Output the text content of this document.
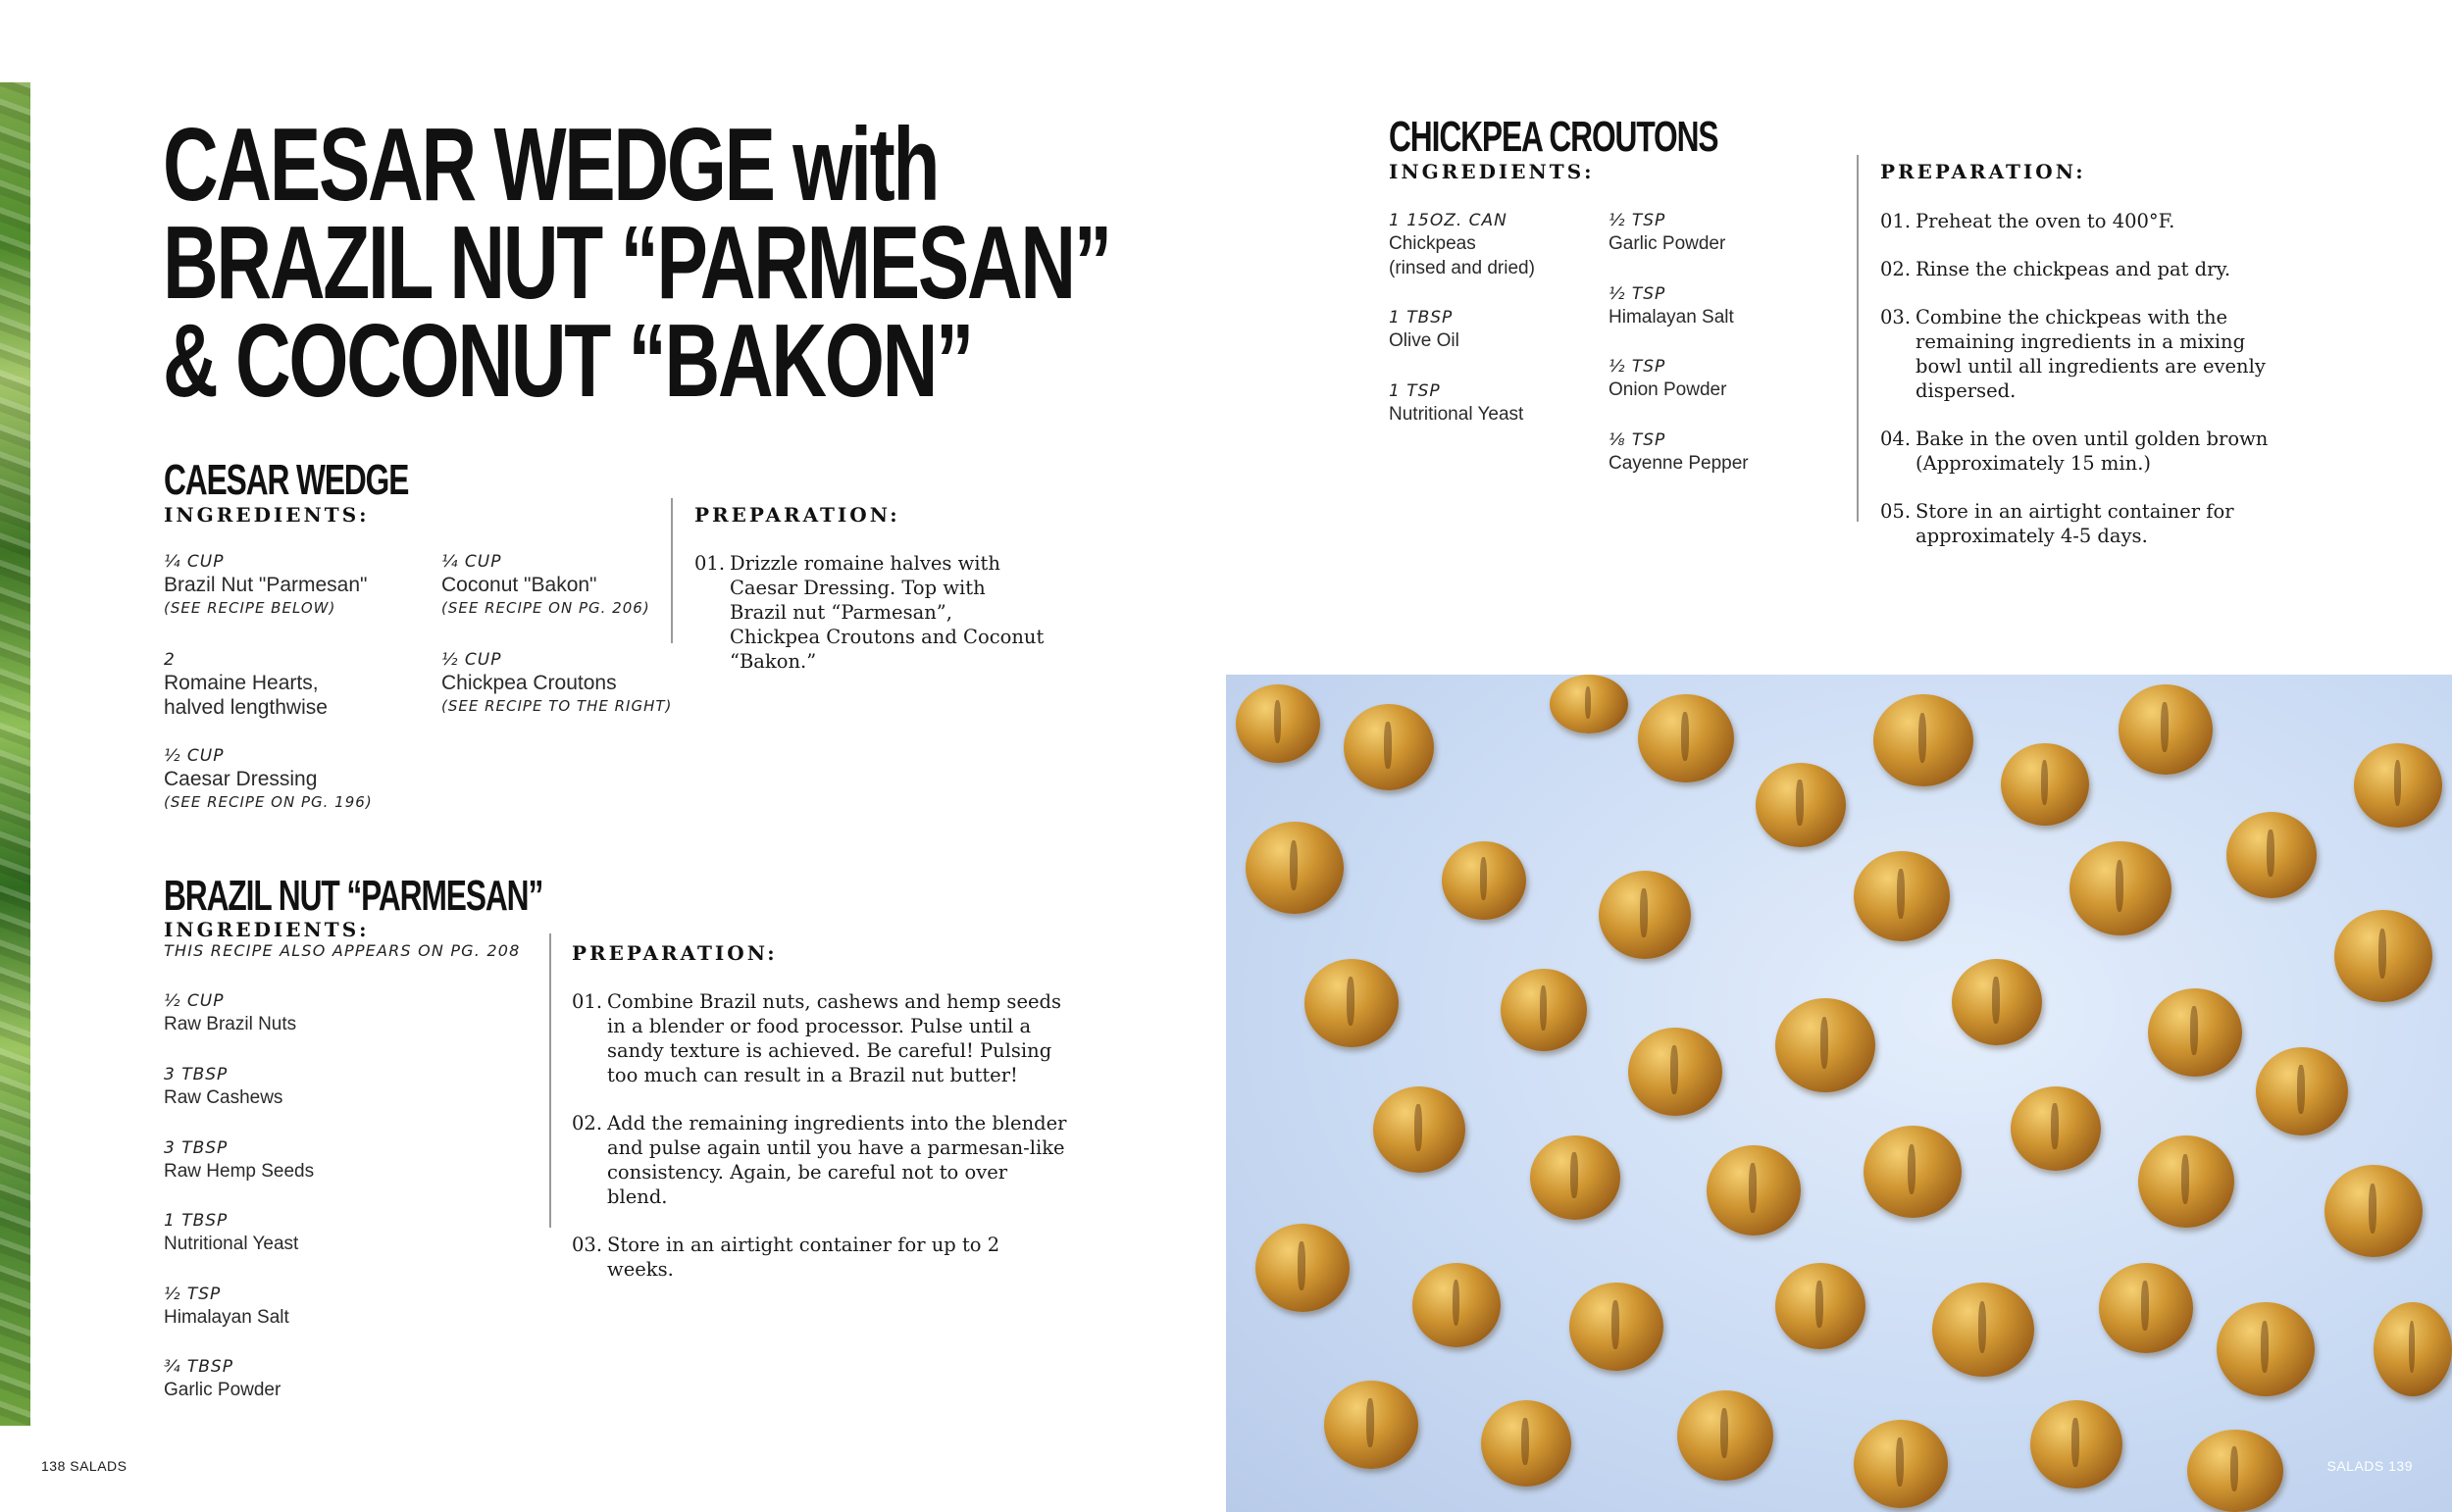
CAESAR WEDGE with
BRAZIL NUT “PARMESAN”
& COCONUT “BAKON”
CAESAR WEDGE
INGREDIENTS:
¼ CUP
Brazil Nut "Parmesan"
(SEE RECIPE BELOW)
2
Romaine Hearts,
halved lengthwise
½ CUP
Caesar Dressing
(SEE RECIPE ON PG. 196)
¼ CUP
Coconut "Bakon"
(SEE RECIPE ON PG. 206)
½ CUP
Chickpea Croutons
(SEE RECIPE TO THE RIGHT)
PREPARATION:
01. Drizzle romaine halves with Caesar Dressing. Top with Brazil nut “Parmesan”, Chickpea Croutons and Coconut “Bakon.”
BRAZIL NUT “PARMESAN”
INGREDIENTS:
THIS RECIPE ALSO APPEARS ON PG. 208
½ CUP
Raw Brazil Nuts
3 TBSP
Raw Cashews
3 TBSP
Raw Hemp Seeds
1 TBSP
Nutritional Yeast
½ TSP
Himalayan Salt
¾ TBSP
Garlic Powder
PREPARATION:
01. Combine Brazil nuts, cashews and hemp seeds in a blender or food processor. Pulse until a sandy texture is achieved. Be careful! Pulsing too much can result in a Brazil nut butter!
02. Add the remaining ingredients into the blender and pulse again until you have a parmesan-like consistency. Again, be careful not to over blend.
03. Store in an airtight container for up to 2 weeks.
CHICKPEA CROUTONS
INGREDIENTS:
1 15OZ. CAN
Chickpeas
(rinsed and dried)
1 TBSP
Olive Oil
1 TSP
Nutritional Yeast
½ TSP
Garlic Powder
½ TSP
Himalayan Salt
½ TSP
Onion Powder
⅛ TSP
Cayenne Pepper
PREPARATION:
01. Preheat the oven to 400°F.
02. Rinse the chickpeas and pat dry.
03. Combine the chickpeas with the remaining ingredients in a mixing bowl until all ingredients are evenly dispersed.
04. Bake in the oven until golden brown (Approximately 15 min.)
05. Store in an airtight container for approximately 4-5 days.
138 SALADS	SALADS 139
